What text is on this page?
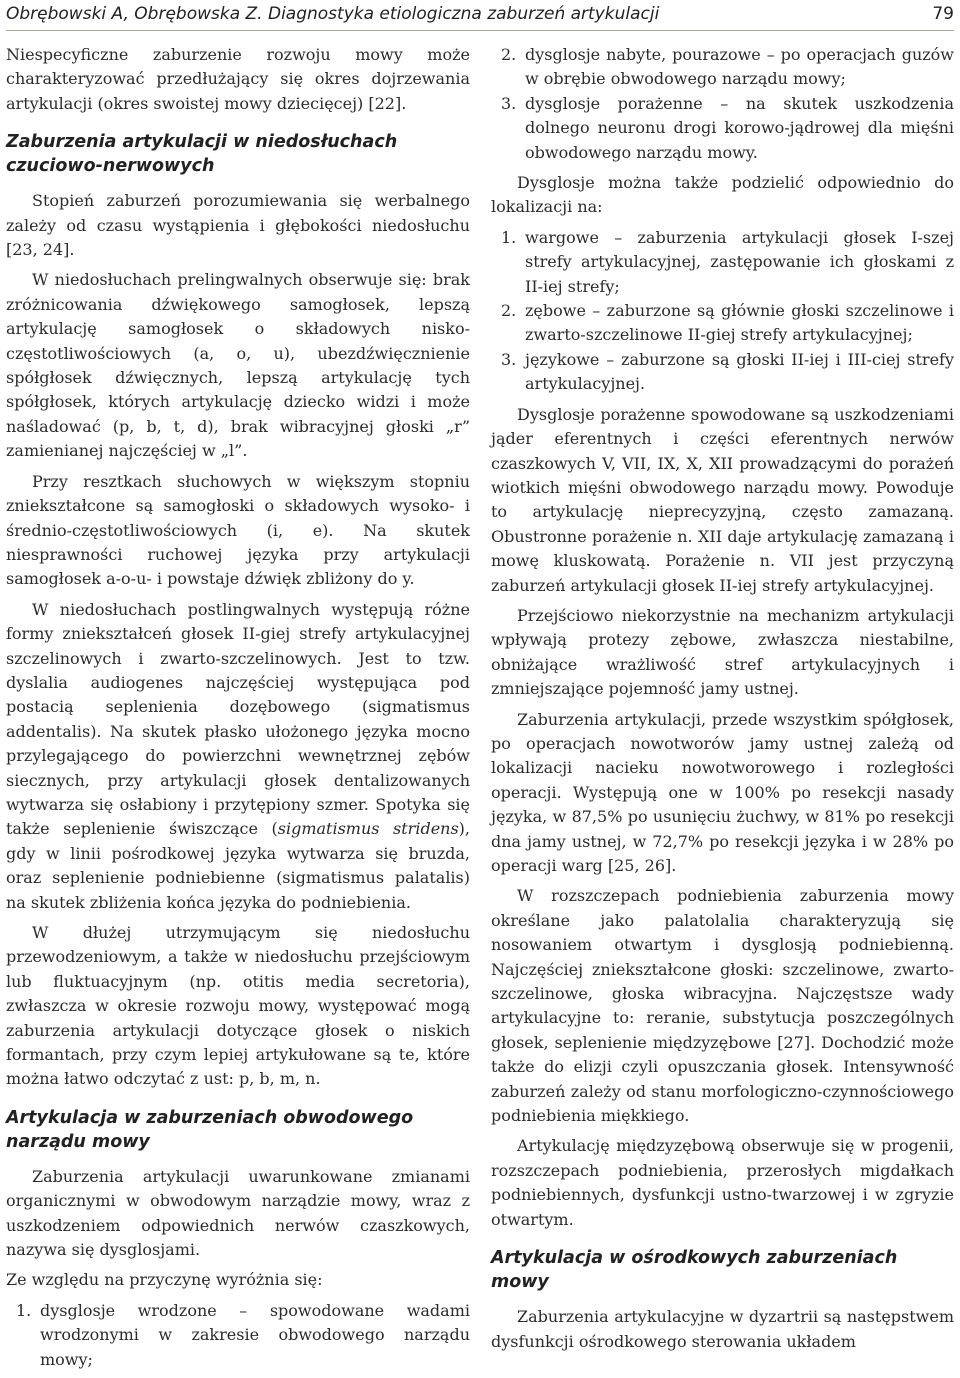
Obrębowski A, Obrębowska Z. Diagnostyka etiologiczna zaburzeń artykulacji	79

Niespecyficzne zaburzenie rozwoju mowy może charakteryzować przedłużający się okres dojrzewania artykulacji (okres swoistej mowy dziecięcej) [22].

Zaburzenia artykulacji w niedosłuchach czuciowo-nerwowych

Stopień zaburzeń porozumiewania się werbalnego zależy od czasu wystąpienia i głębokości niedosłuchu [23, 24].

W niedosłuchach prelingwalnych obserwuje się: brak zróżnicowania dźwiękowego samogłosek, lepszą artykulację samogłosek o składowych nisko-częstotliwościowych (a, o, u), ubezdźwięcznienie spółgłosek dźwięcznych, lepszą artykulację tych spółgłosek, których artykulację dziecko widzi i może naśladować (p, b, t, d), brak wibracyjnej głoski „r” zamienianej najczęściej w „l”.

Przy resztkach słuchowych w większym stopniu zniekształcone są samogłoski o składowych wysoko- i średnio-częstotliwościowych (i, e). Na skutek niesprawności ruchowej języka przy artykulacji samogłosek a-o-u- i powstaje dźwięk zbliżony do y.

W niedosłuchach postlingwalnych występują różne formy zniekształceń głosek II-giej strefy artykulacyjnej szczelinowych i zwarto-szczelinowych. Jest to tzw. dyslalia audiogenes najczęściej występująca pod postacią seplenienia dozębowego (sigmatismus addentalis). Na skutek płasko ułożonego języka mocno przylegającego do powierzchni wewnętrznej zębów siecznych, przy artykulacji głosek dentalizowanych wytwarza się osłabiony i przytępiony szmer. Spotyka się także seplenienie świszczące (sigmatismus stridens), gdy w linii pośrodkowej języka wytwarza się bruzda, oraz seplenienie podniebienne (sigmatismus palatalis) na skutek zbliżenia końca języka do podniebienia.

W dłużej utrzymującym się niedosłuchu przewodzeniowym, a także w niedosłuchu przejściowym lub fluktuacyjnym (np. otitis media secretoria), zwłaszcza w okresie rozwoju mowy, występować mogą zaburzenia artykulacji dotyczące głosek o niskich formantach, przy czym lepiej artykułowane są te, które można łatwo odczytać z ust: p, b, m, n.

Artykulacja w zaburzeniach obwodowego narządu mowy

Zaburzenia artykulacji uwarunkowane zmianami organicznymi w obwodowym narządzie mowy, wraz z uszkodzeniem odpowiednich nerwów czaszkowych, nazywa się dysglosjami.

Ze względu na przyczynę wyróżnia się:

1. dysglosje wrodzone – spowodowane wadami wrodzonymi w zakresie obwodowego narządu mowy;
2. dysglosje nabyte, pourazowe – po operacjach guzów w obrębie obwodowego narządu mowy;
3. dysglosje porażenne – na skutek uszkodzenia dolnego neuronu drogi korowo-jądrowej dla mięśni obwodowego narządu mowy.

Dysglosje można także podzielić odpowiednio do lokalizacji na:

1. wargowe – zaburzenia artykulacji głosek I-szej strefy artykulacyjnej, zastępowanie ich głoskami z II-iej strefy;
2. zębowe – zaburzone są głównie głoski szczelinowe i zwarto-szczelinowe II-giej strefy artykulacyjnej;
3. językowe – zaburzone są głoski II-iej i III-ciej strefy artykulacyjnej.

Dysglosje porażenne spowodowane są uszkodzeniami jąder eferentnych i części eferentnych nerwów czaszkowych V, VII, IX, X, XII prowadzącymi do porażeń wiotkich mięśni obwodowego narządu mowy. Powoduje to artykulację nieprecyzyjną, często zamazaną. Obustronne porażenie n. XII daje artykulację zamazaną i mowę kluskowatą. Porażenie n. VII jest przyczyną zaburzeń artykulacji głosek II-iej strefy artykulacyjnej.

Przejściowo niekorzystnie na mechanizm artykulacji wpływają protezy zębowe, zwłaszcza niestabilne, obniżające wrażliwość stref artykulacyjnych i zmniejszające pojemność jamy ustnej.

Zaburzenia artykulacji, przede wszystkim spółgłosek, po operacjach nowotworów jamy ustnej zależą od lokalizacji nacieku nowotworowego i rozległości operacji. Występują one w 100% po resekcji nasady języka, w 87,5% po usunięciu żuchwy, w 81% po resekcji dna jamy ustnej, w 72,7% po resekcji języka i w 28% po operacji warg [25, 26].

W rozszczepach podniebienia zaburzenia mowy określane jako palatolalia charakteryzują się nosowaniem otwartym i dysglosją podniebienną. Najczęściej zniekształcone głoski: szczelinowe, zwarto-szczelinowe, głoska wibracyjna. Najczęstsze wady artykulacyjne to: reranie, substytucja poszczególnych głosek, seplenienie międzyzębowe [27]. Dochodzić może także do elizji czyli opuszczania głosek. Intensywność zaburzeń zależy od stanu morfologiczno-czynnościowego podniebienia miękkiego.

Artykulację międzyzębową obserwuje się w progenii, rozszczepach podniebienia, przerosłych migdałkach podniebiennych, dysfunkcji ustno-twarzowej i w zgryzie otwartym.

Artykulacja w ośrodkowych zaburzeniach mowy

Zaburzenia artykulacyjne w dyzartrii są następstwem dysfunkcji ośrodkowego sterowania układem
